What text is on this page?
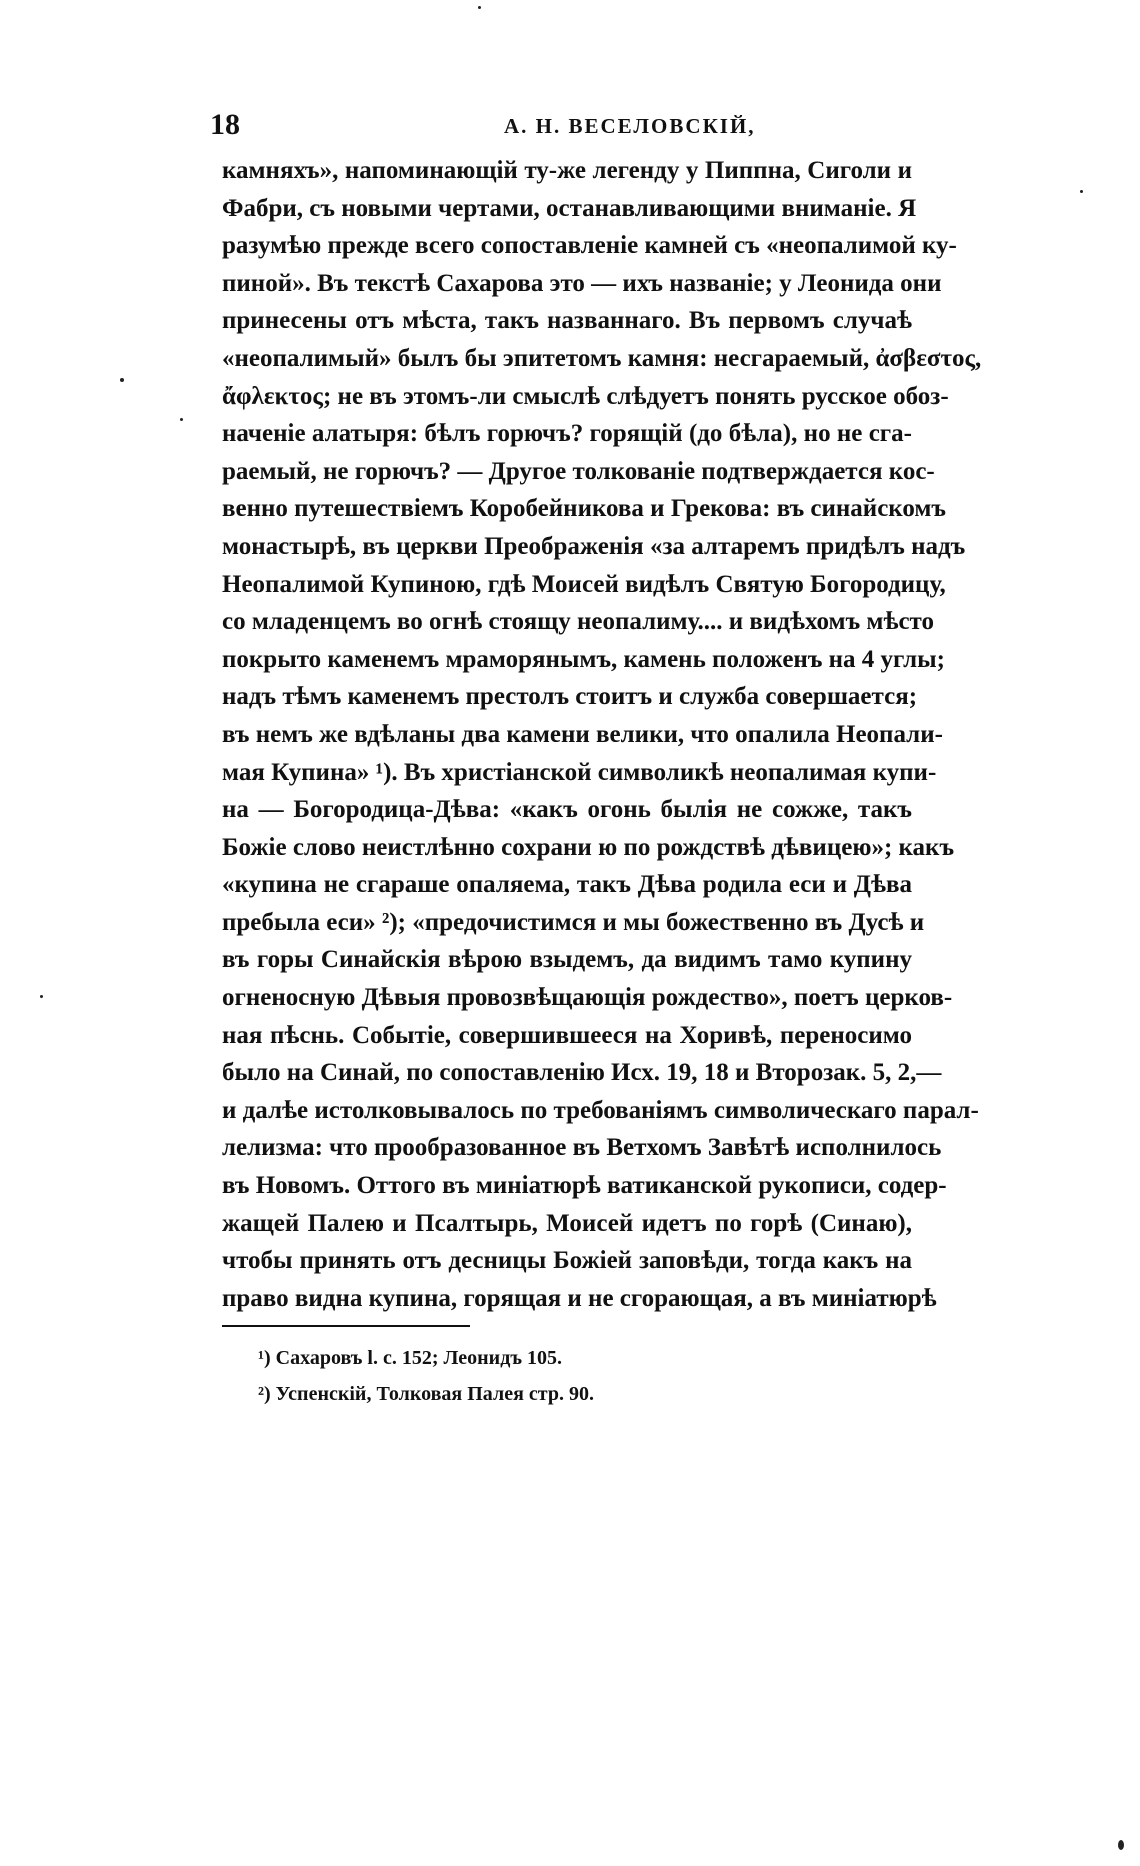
18	А. Н. ВЕСЕЛОВСКІЙ,
камняхъ», напоминающій ту-же легенду у Пиппна, Сиголи и
Фабри, съ новыми чертами, останавливающими вниманіе. Я
разумѣю прежде всего сопоставленіе камней съ «неопалимой ку-
пиной». Въ текстѣ Сахарова это — ихъ названіе; у Леонида они
принесены отъ мѣста, такъ названнаго. Въ первомъ случаѣ
«неопалимый» былъ бы эпитетомъ камня: несгараемый, ἀσβεστος,
ἄφλεκτος; не въ этомъ-ли смыслѣ слѣдуетъ понять русское обоз-
наченіе алатыря: бѣлъ горючъ? горящій (до бѣла), но не сга-
раемый, не горючъ? — Другое толкованіе подтверждается кос-
венно путешествіемъ Коробейникова и Грекова: въ синайскомъ
монастырѣ, въ церкви Преображенія «за алтаремъ придѣлъ надъ
Неопалимой Купиною, гдѣ Моисей видѣлъ Святую Богородицу,
со младенцемъ во огнѣ стоящу неопалиму.... и видѣхомъ мѣсто
покрыто каменемъ мраморянымъ, камень положенъ на 4 углы;
надъ тѣмъ каменемъ престолъ стоитъ и служба совершается;
въ немъ же вдѣланы два камени велики, что опалила Неопали-
мая Купина» ¹). Въ христіанской символикѣ неопалимая купи-
на — Богородица-Дѣва: «какъ огонь былія не сожже, такъ
Божіе слово неистлѣнно сохрани ю по рождствѣ дѣвицею»; какъ
«купина не сгараше опаляема, такъ Дѣва родила еси и Дѣва
пребыла еси» ²); «предочистимся и мы божественно въ Дусѣ и
въ горы Синайскія вѣрою взыдемъ, да видимъ тамо купину
огненосную Дѣвыя провозвѣщающія рождество», поетъ церков-
ная пѣснь. Событіе, совершившееся на Хоривѣ, переносимо
было на Синай, по сопоставленію Исх. 19, 18 и Второзак. 5, 2,—
и далѣе истолковывалось по требованіямъ символическаго парал-
лелизма: что прообразованное въ Ветхомъ Завѣтѣ исполнилось
въ Новомъ. Оттого въ миніатюрѣ ватиканской рукописи, содер-
жащей Палею и Псалтырь, Моисей идетъ по горѣ (Синаю),
чтобы принять отъ десницы Божіей заповѣди, тогда какъ на
право видна купина, горящая и не сгорающая, а въ миніатюрѣ
¹) Сахаровъ l. c. 152; Леонидъ 105.
²) Успенскій, Толковая Палея стр. 90.
